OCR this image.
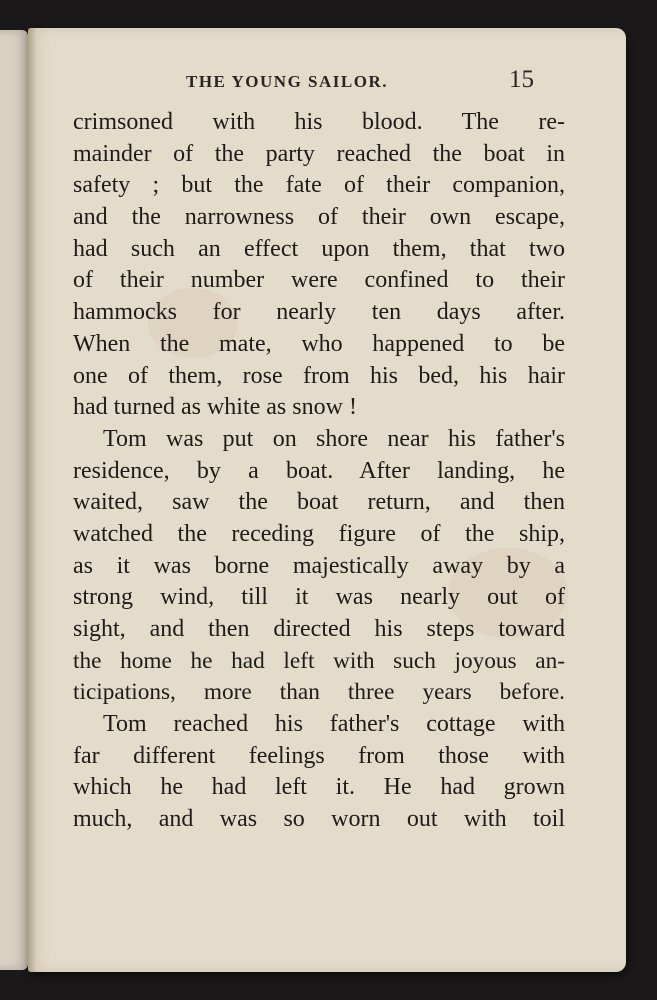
THE YOUNG SAILOR.	15
crimsoned with his blood. The re-
mainder of the party reached the boat in
safety ; but the fate of their companion,
and the narrowness of their own escape,
had such an effect upon them, that two
of their number were confined to their
hammocks for nearly ten days after.
When the mate, who happened to be
one of them, rose from his bed, his hair
had turned as white as snow !
Tom was put on shore near his father's
residence, by a boat. After landing, he
waited, saw the boat return, and then
watched the receding figure of the ship,
as it was borne majestically away by a
strong wind, till it was nearly out of
sight, and then directed his steps toward
the home he had left with such joyous an-
ticipations, more than three years before.
Tom reached his father's cottage with
far different feelings from those with
which he had left it. He had grown
much, and was so worn out with toil
